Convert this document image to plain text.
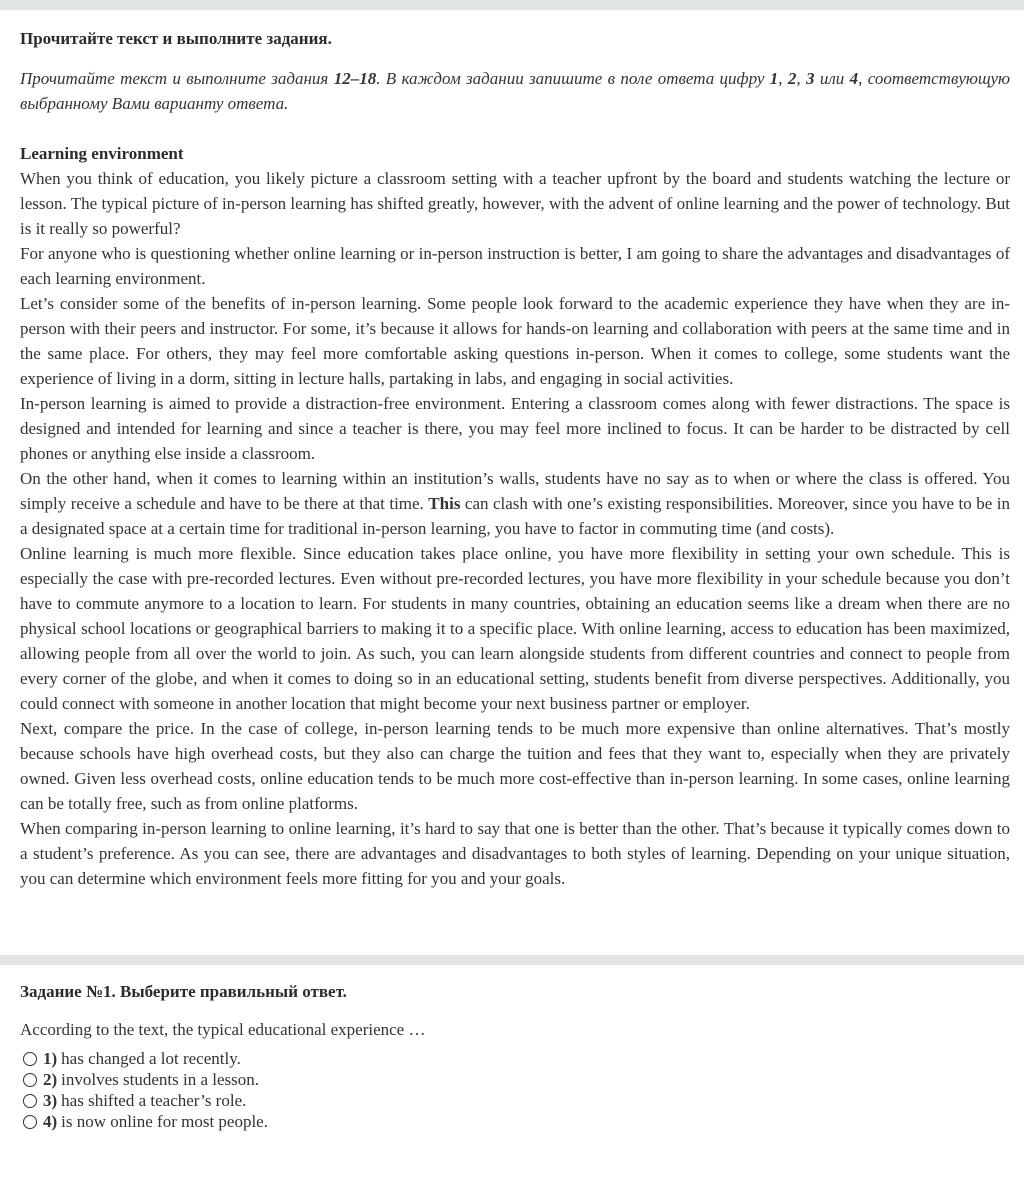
Прочитайте текст и выполните задания.

Прочитайте текст и выполните задания 12–18. В каждом задании запишите в поле ответа цифру 1, 2, 3 или 4, соответствующую выбранному Вами варианту ответа.

Learning environment

When you think of education, you likely picture a classroom setting with a teacher upfront by the board and students watching the lecture or lesson. The typical picture of in-person learning has shifted greatly, however, with the advent of online learning and the power of technology. But is it really so powerful?

For anyone who is questioning whether online learning or in-person instruction is better, I am going to share the advantages and disadvantages of each learning environment.

Let’s consider some of the benefits of in-person learning. Some people look forward to the academic experience they have when they are in-person with their peers and instructor. For some, it’s because it allows for hands-on learning and collaboration with peers at the same time and in the same place. For others, they may feel more comfortable asking questions in-person. When it comes to college, some students want the experience of living in a dorm, sitting in lecture halls, partaking in labs, and engaging in social activities.

In-person learning is aimed to provide a distraction-free environment. Entering a classroom comes along with fewer distractions. The space is designed and intended for learning and since a teacher is there, you may feel more inclined to focus. It can be harder to be distracted by cell phones or anything else inside a classroom.

On the other hand, when it comes to learning within an institution’s walls, students have no say as to when or where the class is offered. You simply receive a schedule and have to be there at that time. This can clash with one’s existing responsibilities. Moreover, since you have to be in a designated space at a certain time for traditional in-person learning, you have to factor in commuting time (and costs).

Online learning is much more flexible. Since education takes place online, you have more flexibility in setting your own schedule. This is especially the case with pre-recorded lectures. Even without pre-recorded lectures, you have more flexibility in your schedule because you don’t have to commute anymore to a location to learn. For students in many countries, obtaining an education seems like a dream when there are no physical school locations or geographical barriers to making it to a specific place. With online learning, access to education has been maximized, allowing people from all over the world to join. As such, you can learn alongside students from different countries and connect to people from every corner of the globe, and when it comes to doing so in an educational setting, students benefit from diverse perspectives. Additionally, you could connect with someone in another location that might become your next business partner or employer.

Next, compare the price. In the case of college, in-person learning tends to be much more expensive than online alternatives. That’s mostly because schools have high overhead costs, but they also can charge the tuition and fees that they want to, especially when they are privately owned. Given less overhead costs, online education tends to be much more cost-effective than in-person learning. In some cases, online learning can be totally free, such as from online platforms.

When comparing in-person learning to online learning, it’s hard to say that one is better than the other. That’s because it typically comes down to a student’s preference. As you can see, there are advantages and disadvantages to both styles of learning. Depending on your unique situation, you can determine which environment feels more fitting for you and your goals.

Задание №1. Выберите правильный ответ.

According to the text, the typical educational experience …

1) has changed a lot recently.
2) involves students in a lesson.
3) has shifted a teacher’s role.
4) is now online for most people.
